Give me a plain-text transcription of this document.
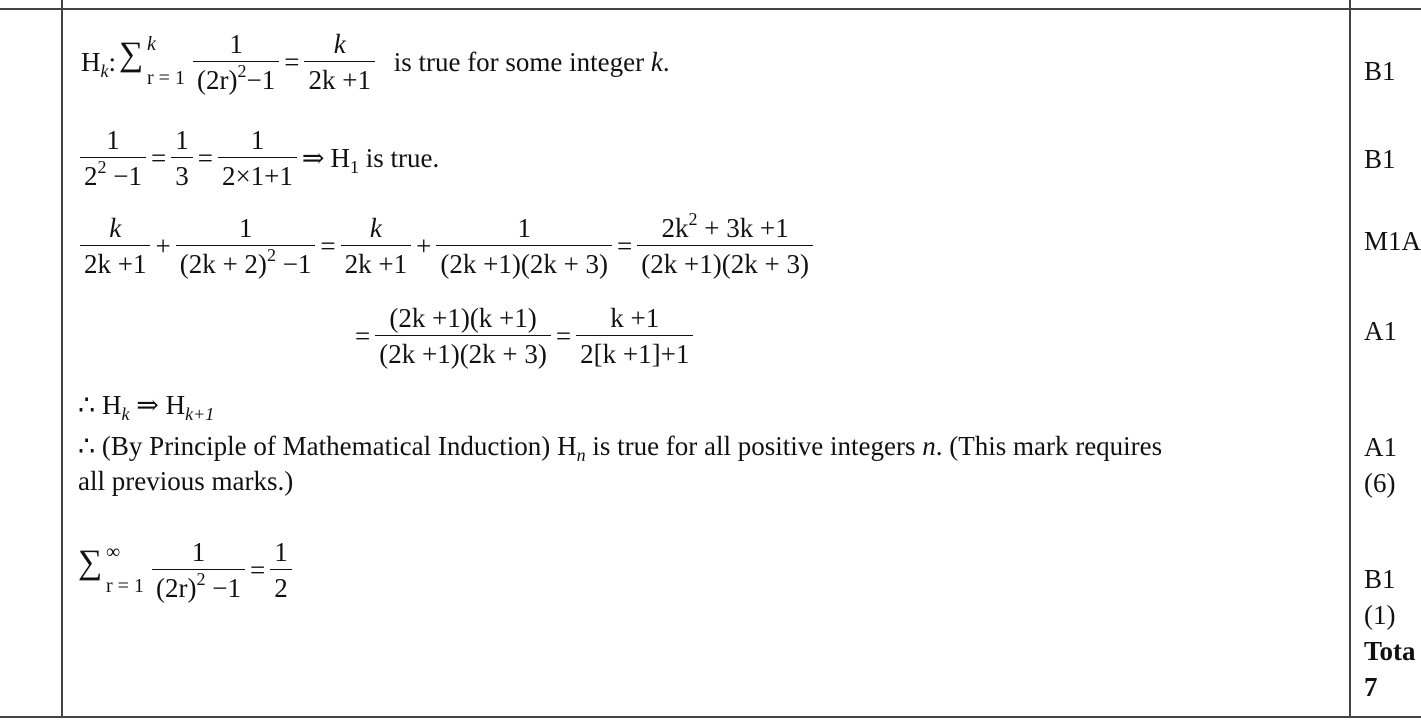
$H_k$: ∑ k
$r = 1 \frac{1}{(2r)^2-1} = \frac{k}{2k +1}$ is true for some integer k.
$\frac{1}{2^2 -1} = \frac{1}{3} = \frac{1}{2\times 1+1}$ ⇒ $H_1$ is true.
$\frac{k}{2k +1} + \frac{1}{(2k + 2)^2 -1} = \frac{k}{2k +1} + \frac{1}{(2k +1)(2k + 3)} = \frac{2k^2 + 3k +1}{(2k +1)(2k + 3)}$
= $\frac{(2k +1)(k +1)}{(2k +1)(2k + 3)} = \frac{k +1}{2[k +1]+1}$
∴ $H_k$ ⇒ $H_{k+1}$
∴ (By Principle of Mathematical Induction) $H_n$ is true for all positive integers n. (This mark requires
all previous marks.)
∑ ∞
$r = 1 \frac{1}{(2r)^2 -1} = \frac{1}{2}$
B1
B1
M1A
A1
A1
(6)
B1
(1)
Tota
7
